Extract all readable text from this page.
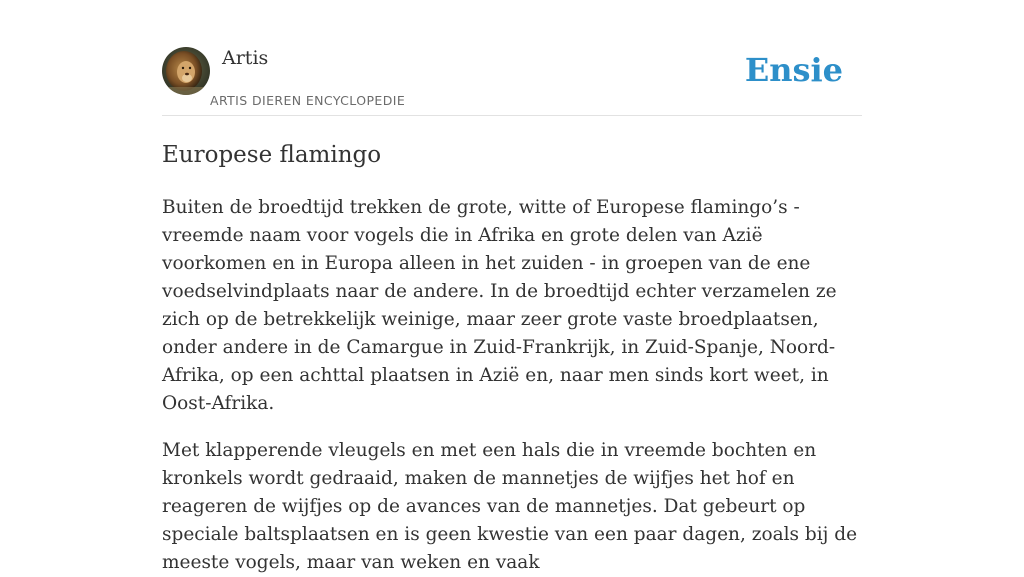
Artis
ARTIS DIEREN ENCYCLOPEDIE
Ensie
Europese flamingo

Buiten de broedtijd trekken de grote, witte of Europese flamingo’s - vreemde naam voor vogels die in Afrika en grote delen van Azië voorkomen en in Europa alleen in het zuiden - in groepen van de ene voedselvindplaats naar de andere. In de broedtijd echter verzamelen ze zich op de betrekkelijk weinige, maar zeer grote vaste broedplaatsen, onder andere in de Camargue in Zuid-Frankrijk, in Zuid-Spanje, Noord-Afrika, op een achttal plaatsen in Azië en, naar men sinds kort weet, in Oost-Afrika.

Met klapperende vleugels en met een hals die in vreemde bochten en kronkels wordt gedraaid, maken de mannetjes de wijfjes het hof en reageren de wijfjes op de avances van de mannetjes. Dat gebeurt op speciale baltsplaatsen en is geen kwestie van een paar dagen, zoals bij de meeste vogels, maar van weken en vaak
